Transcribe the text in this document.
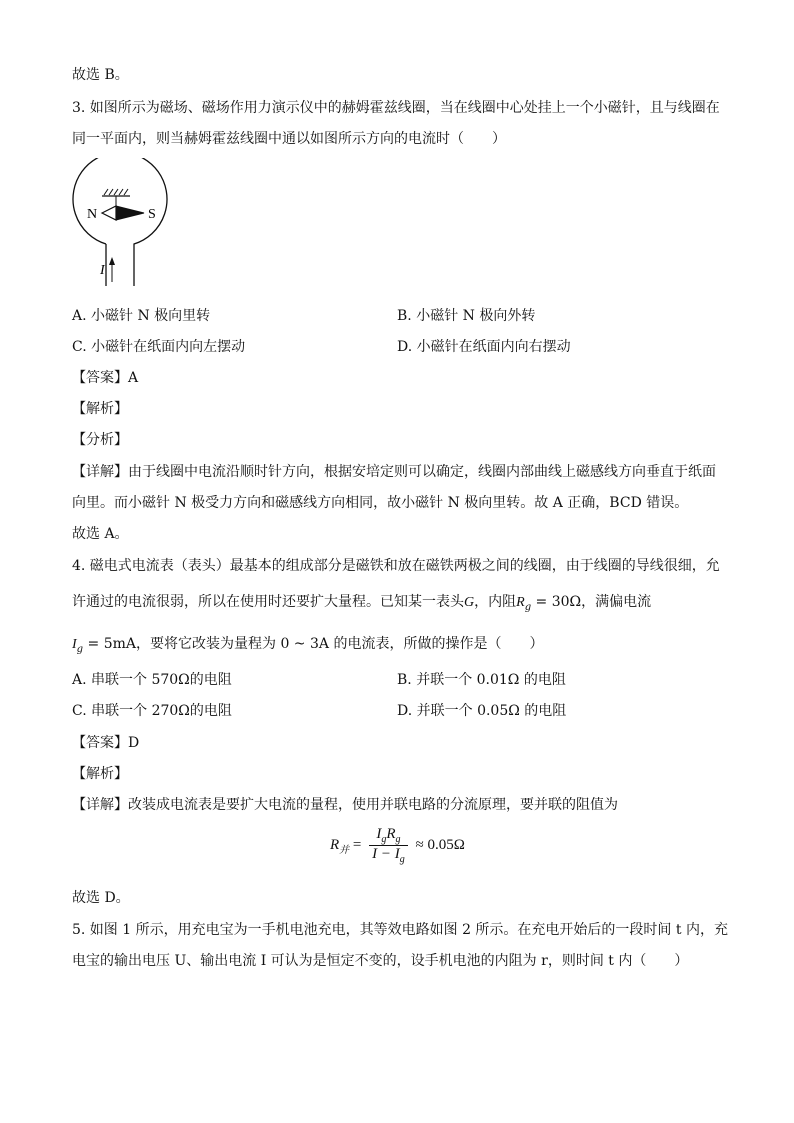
故选 B。
3. 如图所示为磁场、磁场作用力演示仪中的赫姆霍兹线圈，当在线圈中心处挂上一个小磁针，且与线圈在
同一平面内，则当赫姆霍兹线圈中通以如图所示方向的电流时（　　）
N	S
I
A. 小磁针 N 极向里转	B. 小磁针 N 极向外转
C. 小磁针在纸面内向左摆动	D. 小磁针在纸面内向右摆动
【答案】A
【解析】
【分析】
【详解】由于线圈中电流沿顺时针方向，根据安培定则可以确定，线圈内部曲线上磁感线方向垂直于纸面
向里。而小磁针 N 极受力方向和磁感线方向相同，故小磁针 N 极向里转。故 A 正确，BCD 错误。
故选 A。
4. 磁电式电流表（表头）最基本的组成部分是磁铁和放在磁铁两极之间的线圈，由于线圈的导线很细，允
许通过的电流很弱，所以在使用时还要扩大量程。已知某一表头G，内阻$R_g = 30\Omega$，满偏电流
$I_g = 5mA$，要将它改装为量程为 0 ~ 3A 的电流表，所做的操作是（　　）
A. 串联一个 570Ω的电阻	B. 并联一个 0.01Ω 的电阻
C. 串联一个 270Ω的电阻	D. 并联一个 0.05Ω 的电阻
【答案】D
【解析】
【详解】改装成电流表是要扩大电流的量程，使用并联电路的分流原理，要并联的阻值为
$R_并 = \frac{I_gR_g}{I - I_g} \approx 0.05\Omega$
故选 D。
5. 如图 1 所示，用充电宝为一手机电池充电，其等效电路如图 2 所示。在充电开始后的一段时间 t 内，充
电宝的输出电压 U、输出电流 I 可认为是恒定不变的，设手机电池的内阻为 r，则时间 t 内（　　）
